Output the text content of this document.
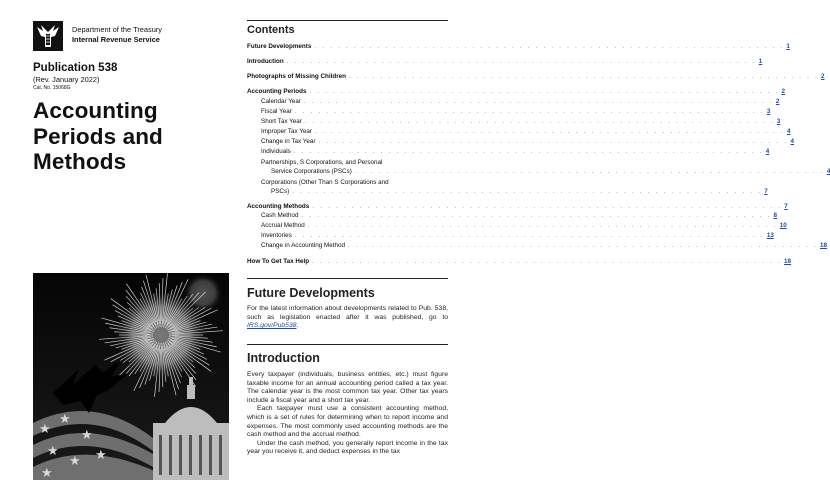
Department of the Treasury
Internal Revenue Service
Publication 538
(Rev. January 2022)
Cat. No. 15068G
Accounting
Periods and
Methods
★
★
★
★
★ ★
★
Contents
Future Developments . . . . . . . . . . . . . . . . . . . . . . . . . . . . . . . . . . . . . . . . . . . . . . . . . . . . . . . . . . . . 1
Introduction . . . . . . . . . . . . . . . . . . . . . . . . . . . . . . . . . . . . . . . . . . . . . . . . . . . . . . . . . . . . 1
Photographs of Missing Children . . . . . . . . . . . . . . . . . . . . . . . . . . . . . . . . . . . . . . . . . . . . . . . . . . . . . . . . . . . . 2
Accounting Periods . . . . . . . . . . . . . . . . . . . . . . . . . . . . . . . . . . . . . . . . . . . . . . . . . . . . . . . . . . . . 2
Calendar Year . . . . . . . . . . . . . . . . . . . . . . . . . . . . . . . . . . . . . . . . . . . . . . . . . . . . . . . . . . . . 2
Fiscal Year . . . . . . . . . . . . . . . . . . . . . . . . . . . . . . . . . . . . . . . . . . . . . . . . . . . . . . . . . . . . 3
Short Tax Year . . . . . . . . . . . . . . . . . . . . . . . . . . . . . . . . . . . . . . . . . . . . . . . . . . . . . . . . . . . . 3
Improper Tax Year . . . . . . . . . . . . . . . . . . . . . . . . . . . . . . . . . . . . . . . . . . . . . . . . . . . . . . . . . . . . 4
Change in Tax Year . . . . . . . . . . . . . . . . . . . . . . . . . . . . . . . . . . . . . . . . . . . . . . . . . . . . . . . . . . . . 4
Individuals . . . . . . . . . . . . . . . . . . . . . . . . . . . . . . . . . . . . . . . . . . . . . . . . . . . . . . . . . . . . 4
Partnerships, S Corporations, and Personal
Service Corporations (PSCs) . . . . . . . . . . . . . . . . . . . . . . . . . . . . . . . . . . . . . . . . . . . . . . . . . . . . . . . . . . . . 4
Corporations (Other Than S Corporations and
PSCs) . . . . . . . . . . . . . . . . . . . . . . . . . . . . . . . . . . . . . . . . . . . . . . . . . . . . . . . . . . . . 7
Accounting Methods . . . . . . . . . . . . . . . . . . . . . . . . . . . . . . . . . . . . . . . . . . . . . . . . . . . . . . . . . . . . 7
Cash Method . . . . . . . . . . . . . . . . . . . . . . . . . . . . . . . . . . . . . . . . . . . . . . . . . . . . . . . . . . . . 8
Accrual Method . . . . . . . . . . . . . . . . . . . . . . . . . . . . . . . . . . . . . . . . . . . . . . . . . . . . . . . . . . . . 10
Inventories . . . . . . . . . . . . . . . . . . . . . . . . . . . . . . . . . . . . . . . . . . . . . . . . . . . . . . . . . . . . 13
Change in Accounting Method . . . . . . . . . . . . . . . . . . . . . . . . . . . . . . . . . . . . . . . . . . . . . . . . . . . . . . . . . . . . 18
How To Get Tax Help . . . . . . . . . . . . . . . . . . . . . . . . . . . . . . . . . . . . . . . . . . . . . . . . . . . . . . . . . . . . 18
Future Developments
For the latest information about developments related to Pub. 538, such as legislation enacted after it was published, go to IRS.gov/Pub538.
Introduction

Every taxpayer (individuals, business entities, etc.) must figure taxable income for an annual accounting period called a tax year. The calendar year is the most common tax year. Other tax years include a fiscal year and a short tax year.

Each taxpayer must use a consistent accounting method, which is a set of rules for determining when to report income and expenses. The most commonly used accounting methods are the cash method and the accrual method.

Under the cash method, you generally report income in the tax year you receive it, and deduct expenses in the tax
